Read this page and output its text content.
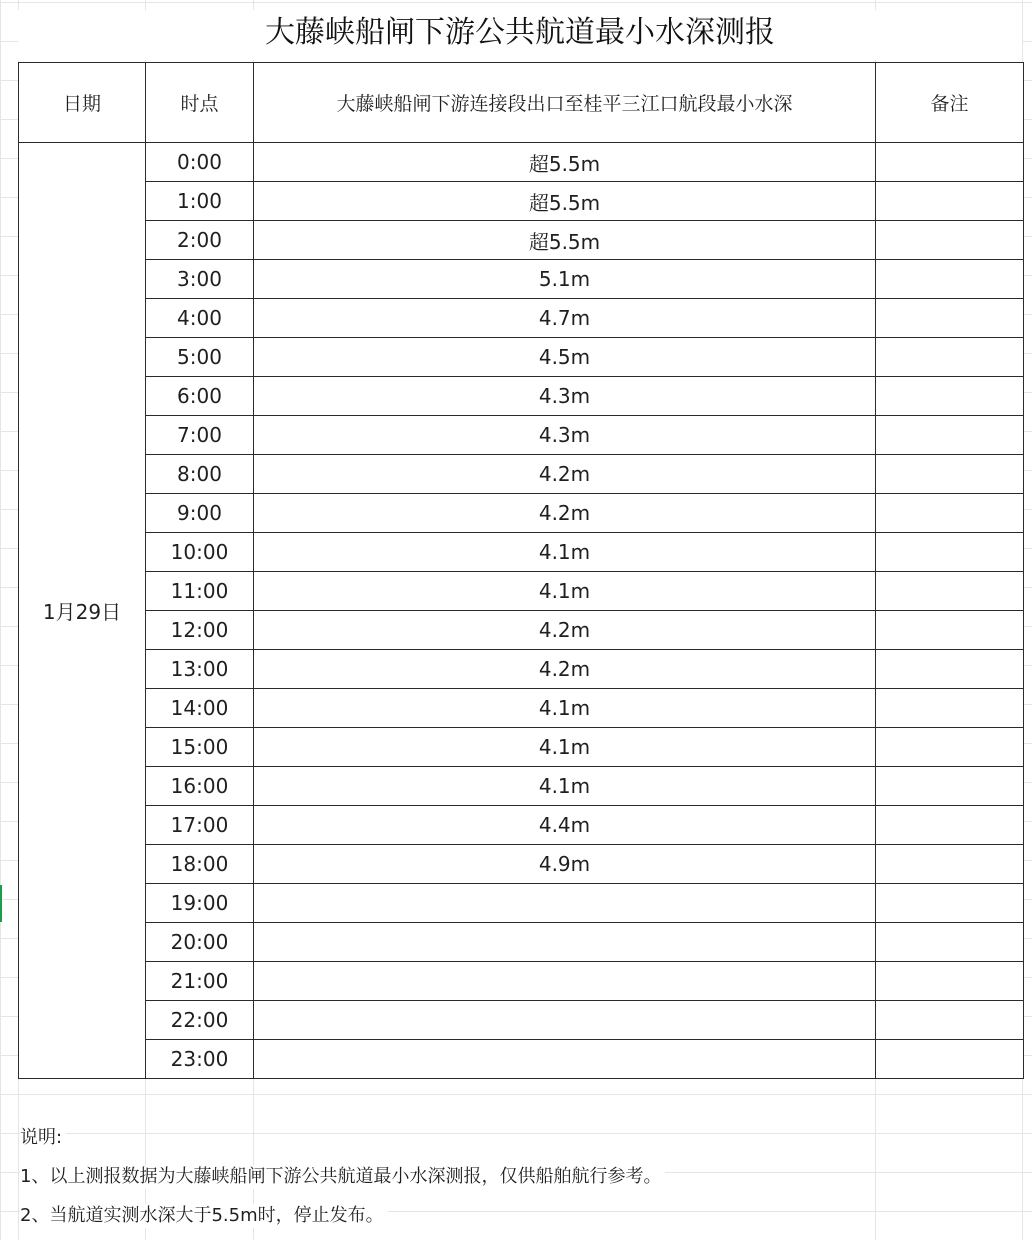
大藤峡船闸下游公共航道最小水深测报
日期	时点	大藤峡船闸下游连接段出口至桂平三江口航段最小水深	备注
1月29日	0:00	超5.5m	
	1:00	超5.5m	
	2:00	超5.5m	
	3:00	5.1m	
	4:00	4.7m	
	5:00	4.5m	
	6:00	4.3m	
	7:00	4.3m	
	8:00	4.2m	
	9:00	4.2m	
	10:00	4.1m	
	11:00	4.1m	
	12:00	4.2m	
	13:00	4.2m	
	14:00	4.1m	
	15:00	4.1m	
	16:00	4.1m	
	17:00	4.4m	
	18:00	4.9m	
	19:00		
	20:00		
	21:00		
	22:00		
	23:00		
说明:
1、以上测报数据为大藤峡船闸下游公共航道最小水深测报，仅供船舶航行参考。
2、当航道实测水深大于5.5m时，停止发布。
